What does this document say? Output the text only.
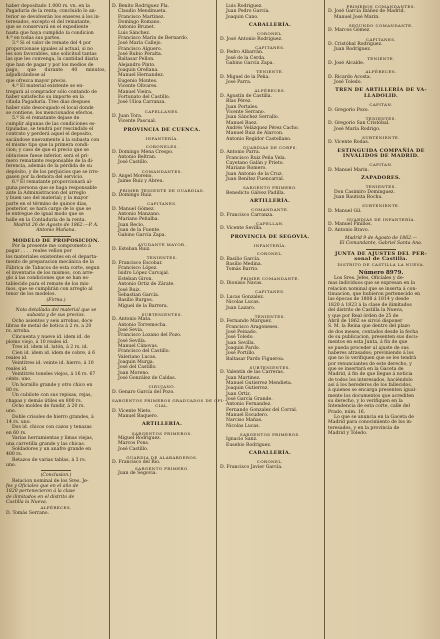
haber depositado 1.000 rs. vn. en la
Pagaduría de la renta; concluido lo an-
terior se devolverán los enseres á los in-
teresados, excepto el del rematante,
que se conservará en el expediente
hasta que haya cumplido la condicion
4.ª en todas sus partes.
3.ª Si el valor de remate del 4 por
proporcionase iguales al actual, si no
les son favorables, uno solicitud tantas
las que les convenga, la cantidad diaria
que han de pagar y por los medios de
pago, que durante 40 minutos, adjudicándose al
que ofrezca mayor precio.
4.ª El material existente se en-
tregará al comprador sólo contando de
haber satisfecho su importe en la
citada Pagaduría. Tres dias despues
haber sido desocupado el local donde
se contiene, los mencionados efectos.
5.ª Si el rematante dejase de
cumplir algunas de las condiciones es-
tipuladas, se tendrá por rescindido el
contrato y perderá aquel el deposito,
sacándose nuevamente á la subasta con
el mismo tipo que la primera condi-
cion; y caso de que el precio que se
obtuviese fuese inferior, será el pri-
mero rematante responsable de la di-
ferencia, además de la pérdida de su
depósito, y de los perjuicios que se irro-
gasen por la demora del servicio.
6.ª El rematante proporcionará al-
guna persona que se haga responsable
ante la Administracion del arreglo
y buen uso del material; y la mayor
parte en el término de quince dias,
posterior, se hará cargo de lo que se
le entregue de igual modo que se
halle en la Contaduría de la renta.
Madrid 26 de Agosto de 1862.—P. A.
Antonio Mañana.
MODELO DE PROPOSICION.
Por la presente me comprometo á
pagar . . . . reales vellon por
los materiales existentes en el departa-
mento de preparacion mecánica de la
Fábrica de Tabacos de esta corte, segun
el inventario de los mismos, con arre-
glo á las condiciones que se han es-
tablecido para el remate de los mis-
mos, que se cumplirán con arreglo al
tenor de los modelos.
(Firma.)
Nota detallada del material que se
subasta y de sus precios.
Ocho asientos y seis arrobas, doce
libras de metal de botica á 2 rs. a 20
rs. arroba.
Cincuenta y nueve id. idem id. de
plomo viejo, á 10 reales id.
Tres id. idem id. latón, á 2 rs. id.
Cien id. idem id. idem de cobre, á 6
reales id.
Veintitres id. veinte id. hierro, á 10
reales id.
Veintitrés toneles viejos, á 16 rs. 67
cénts. uno.
Un hornillo grande y otro chico en
80 rs.
Un cubilote con sus repisas, rejas,
chapas y demás útiles en 800 rs.
Ocho moldes de fundir, á 20 rs.
uno.
Doble crisoles de hierro grandes, á
14 rs. uno.
Dos id. chicos con cazos y tenazas
en 60 rs.
Varias herramientas y limas viejas,
una carretilla grande y las chicas.
Soldadores y un anafre grande en
400 rs.
Retazos de varias tablas, á 3 rs.
uno.
(Conclusion.)
Relacion nominal de los Sres. Je-
fes y Oficiales que en el año de
1820 pertenecieron á la clase
de ilimitados en el distrito de
Castilla la Nueva.
ALFÉRECES.
D. Tomás Serrano.
D. Benito Rodriguez Pla.
Claudio Mendinueta.
Francisco Martinez.
Domingo Romano.
Antonio Brunet.
Luis Sánchez.
Francisco Marin de Bernardo.
José María Callejo.
Francisco Alguero.
José Rubio Peralta.
Baltasar Pellon.
Alejandro Pinto.
Joaquin Orellana.
Manuel Hernandez.
Eugenio Montes.
Vicente Olivares.
Manuel Vieira.
Fortunato del Castillo.
José Ulloa Carranza.
CAPELLANES.
D. Juan Tora.
Vicente Pascual.
PROVINCIA DE CUENCA.
INFANTERÍA.
CORONELES.
D. Domingo Mena Crespo.
Antonio Beltran.
José Castillo.
COMANDANTES.
D. Angel Moreno.
Jaime Ruiz y Abreu.
PRIMER TENIENTE DE GUARDIAS.
D. Domingo Ruiz.
CAPITANES.
D. Manuel Gómez.
Antonio Manzano.
Mariano Peñalba.
Juan Recio.
Juan de la Fuente.
Gabino García Zapa.
AYUDANTE MAYOR.
D. Esteban Ruiz.
TENIENTES.
D. Francisco Escobar.
Francisco López.
Isidro López Carvajal.
Esteban Giron.
Antonio Ortiz de Zárate.
José Ruiz.
Sebastian García.
Basilio Burgos.
Miguel de la Barrera.
SUBTENIENTES.
D. Antonio Mata.
Antonio Torremocha.
José Sevia.
Francisco Lozano del Pozo.
José Sevilla.
Manuel Cánovas.
Francisco del Castillo.
Valeriano Lucas.
Joaquin Murga.
José del Castillo.
Juan Moreno.
José González de Caldas.
CIRUJANO.
D. Genaro García del Pozo.
SARGENTOS PRIMEROS GRADUADOS DE OFI-
CIAL.
D. Vicente Nieto.
Manuel Baquero.
ARTILLERÍA.
SARGENTOS PRIMEROS.
Miguel Rodriguez.
Marcos Pons.
José Castillo.
GUARDIA DE ALABARDEROS.
D. Francisco del Rio.
SARGENTO PRIMERO.
Juan de Segovia.
Luis Rodriguez.
Juan Pedro García.
Joaquin Cano.
CABALLERÍA.
CORONEL.
D. José Antonio Rodriguez.
CAPITANES.
D. Pedro Albarrán.
José de la Cerda.
Gabino García Zapa.
TENIENTE.
D. Miguel de la Peña.
José Parra.
ALFÉRECES.
D. Agustín de Castilla.
Blas Pérez.
Juan Portales.
Vicente Serrano.
Juan Sánchez Serrallo.
Manuel Baez.
Andrés Velázquez Pérez Cacho.
Manuel Ruiz de Alarcon.
Antonio Regidor Castellano.
GUARDIAS DE CORPS.
D. Antonio Parra.
Francisco Ruiz Peña Vela.
Cayetano Galán y Prieto.
Mariano Romero.
Juan Antonio de la Cruz.
Juan Benítez Fuencarral.
SARGENTO PRIMERO.
Benedicto Gálvez Padilla.
ARTILLERÍA.
COMANDANTE.
D. Francisco Carranza.
CAPELLAN.
D. Vicente Sevilla.
PROVINCIA DE SEGOVIA.
INFANTERÍA.
CORONEL.
D. Basilio García.
Basilio Medina.
Tomás Barrio.
PRIMER COMANDANTE.
D. Dionisio Navas.
CAPITANES.
D. Lucas Gonzalez.
Nicolas Lucas.
Juan Lazaro.
TENIENTES.
D. Fernando Marquez.
Francisco Aragoneses.
José Peinado.
José Toledo.
Juan Sevilla.
Joaquin Pardo.
José Portillo.
Baltasar Pardo Figueroa.
SUBTENIENTES.
D. Valentín de las Carreras.
Juan Martinez.
Manuel Gutierrez Mendieta.
Joaquin Gutierrez.
Juan Ortiz.
José García Grande.
Antonio Fernandez.
Fernando Gonzalez del Corral.
Manuel Escudero.
Narciso Mañas.
Nicolas Lucas.
SARGENTOS PRIMEROS.
Ignacio Sanz.
Eusebio Rodriguez.
CABALLERÍA.
CORONEL.
D. Francisco Javier García.
PRIMEROS COMANDANTES.
D. José García Ibáñez de Madrid.
Manuel José Marin.
SEGUNDO COMANDANTE.
D. Marcos Gómez.
CAPITANES.
D. Cristóbal Rodriguez.
Juan Rodríguez.
TENIENTE.
D. José Alcalde.
ALFÉRECES.
D. Ricardo Acosta.
José Toledo.
TREN DE ARTILLERÍA DE VA-
LLADOLID.
CAPITAN.
D. Gregorio Pozo.
TENIENTES.
D. Gregorio San Cristóbal.
José María Rodrigo.
SUBTENIENTE.
D. Vicente Rodas.
ESTINGUIDA COMPAÑÍA DE
INVÁLIDOS DE MADRID.
CAPITAN.
D. Manuel Marin.
ZAPADORES.
TENIENTES.
Don Casimiro Dominguez.
Juan Bautista Rocha.
SUBTENIENTE.
D. Manuel Gil.
GUARDIAS DE INFANTERÍA.
D. Manuel Pinillos.
D. Antonio Bravo.
Madrid 9 de Agosto de 1862.—
El Comandante, Gabriel Santa Ana.
JUNTA DE AJUSTES DEL PER-
sonal de Castilla.
DISTRITO DE CASTILLA LA NUEVA.
Número 8979.
Los Sres. Jefes, Oficiales y de-
mas individuos que se expresan en la
relacion nominal que se inserta á con-
tinuacion, que hubieron pertenecido en
las épocas de 1808 á 1814 y desde
1820 á 1823 á la clase de ilimitados
del distrito de Castilla la Nueva,
y que por Real órden de 25 de
Abril de 1862 se sirvió disponer
S. M. la Reina que dentro del plazo
de dos meses, contados desde la fecha
de su publicacion, presenten sus docu-
mentos en esta Junta, á fin de que
se pueda proceder al ajuste de sus
haberes atrasados; previniendo á los
que no lo verifiquen que se les tendrá
por renunciantes de este derecho, y
que se insertará en la Gaceta de
Madrid, á fin de que llegue á noticia
de todos los interesados, haciéndolo
así á los herederos de los fallecidos,
á quienes se encarga presenten igual-
mente los documentos que acrediten
su derecho, y lo verifiquen en la
Intendencia de esta corte, calle del
Prado, núm. 16.
Lo que se anuncia en la Gaceta de
Madrid para conocimiento de los in-
teresados, y en la provincia de
Madrid y Toledo.
